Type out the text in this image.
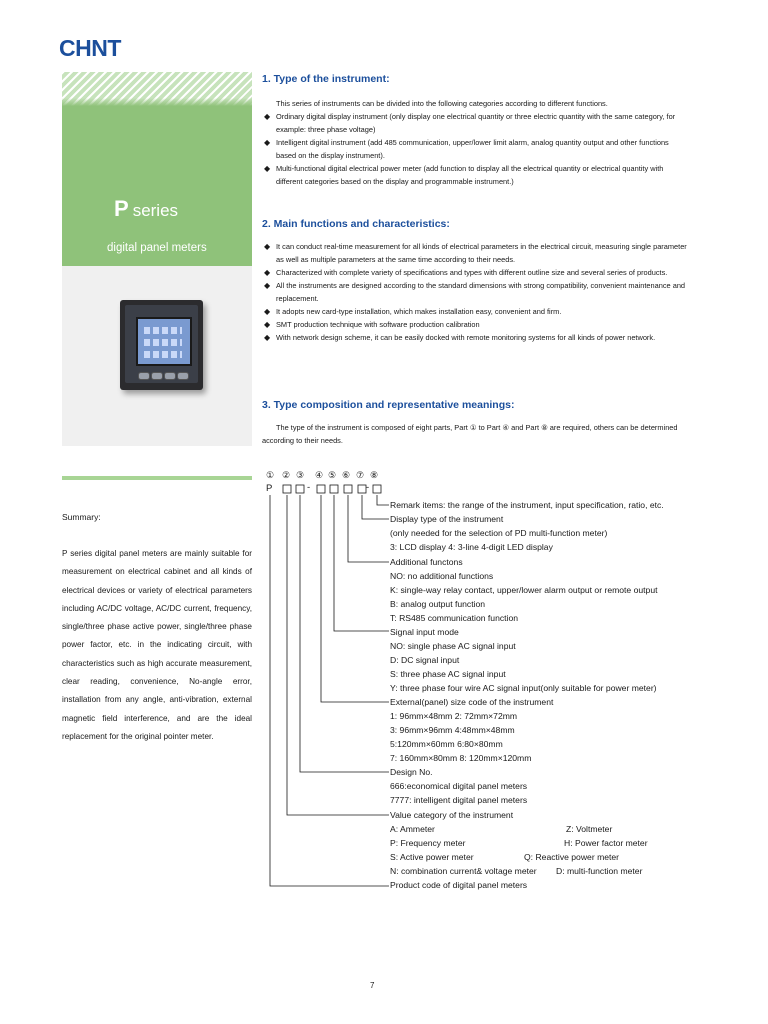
CHNT
P series
digital panel meters
Summary:
P series digital panel meters are mainly suitable for measurement on electrical cabinet and all kinds of electrical devices or variety of electrical parameters including AC/DC voltage, AC/DC current, frequency, single/three phase active power, single/three phase power factor, etc. in the indicating circuit, with characteristics such as high accurate measurement, clear reading, convenience, No-angle error, installation from any angle, anti-vibration, external magnetic field interference, and are the ideal replacement for the original pointer meter.
1. Type of the instrument:
This series of instruments can be divided into the following categories according to different functions.
◆ Ordinary digital display instrument (only display one electrical quantity or three electric quantity with the same category, for example: three phase voltage)
◆ Intelligent digital instrument (add 485 communication, upper/lower limit alarm, analog quantity output and other functions based on the display instrument).
◆ Multi-functional digital electrical power meter (add function to display all the electrical quantity or electrical quantity with different categories based on the display and programmable instrument.)
2. Main functions and characteristics:
◆ It can conduct real-time measurement for all kinds of electrical parameters in the electrical circuit, measuring single parameter as well as multiple parameters at the same time according to their needs.
◆ Characterized with complete variety of specifications and types with different outline size and several series of products.
◆ All the instruments are designed according to the standard dimensions with strong compatibility, convenient maintenance and replacement.
◆ It adopts new card-type installation, which makes installation easy, convenient and firm.
◆ SMT production technique with software production calibration
◆ With network design scheme, it can be easily docked with remote monitoring systems for all kinds of power network.
3. Type composition and representative meanings:
The type of the instrument is composed of eight parts, Part ① to Part ④ and Part ⑧ are required, others can be determined according to their needs.
① ② ③ ④ ⑤ ⑥ ⑦ ⑧
P	-	-
Remark items: the range of the instrument, input specification, ratio, etc.
Display type of the instrument
(only needed for the selection of PD multi-function meter)
3: LCD display 4: 3-line 4-digit LED display
Additional functons
NO: no additional functions
K: single-way relay contact, upper/lower alarm output or remote output
B: analog output function
T: RS485 communication function
Signal input mode
NO: single phase AC signal input
D: DC signal input
S: three phase AC signal input
Y: three phase four wire AC signal input(only suitable for power meter)
External(panel) size code of the instrument
1: 96mm×48mm 2: 72mm×72mm
3: 96mm×96mm 4:48mm×48mm
5:120mm×60mm 6:80×80mm
7: 160mm×80mm 8: 120mm×120mm
Design No.
666:economical digital panel meters
7777: intelligent digital panel meters
Value category of the instrument
A: Ammeter	Z: Voltmeter
P: Frequency meter	H: Power factor meter
S: Active power meter	Q: Reactive power meter
N: combination current& voltage meter D: multi-function meter
Product code of digital panel meters
7
